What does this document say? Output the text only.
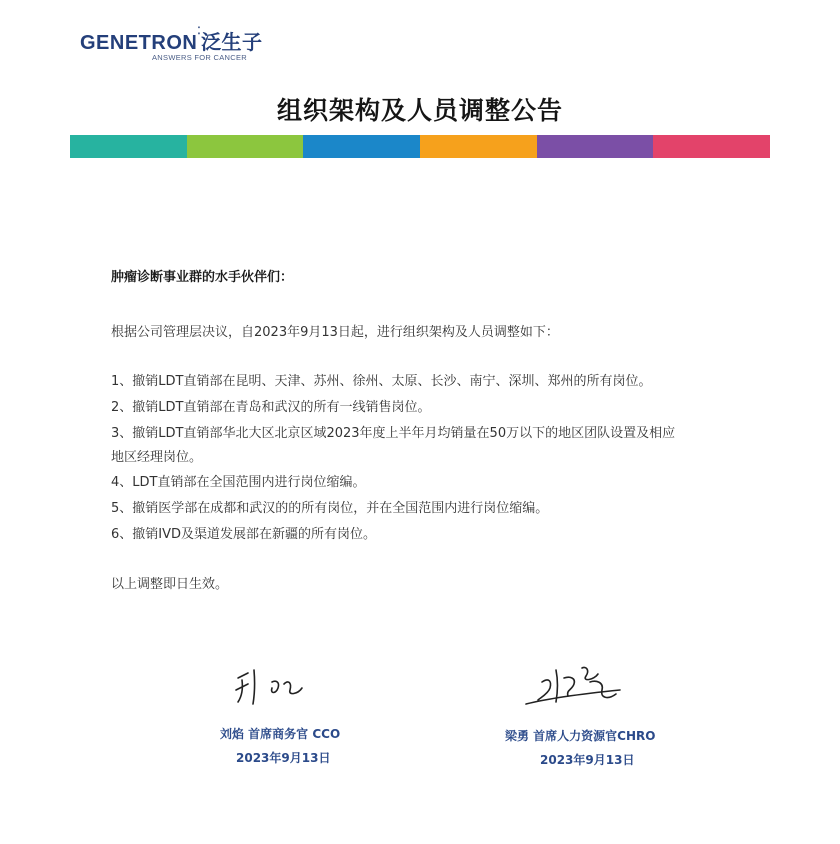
GENETRON⁚泛生子
ANSWERS FOR CANCER
组织架构及人员调整公告
肿瘤诊断事业群的水手伙伴们：
根据公司管理层决议，自2023年9月13日起，进行组织架构及人员调整如下：
1、撤销LDT直销部在昆明、天津、苏州、徐州、太原、长沙、南宁、深圳、郑州的所有岗位。
2、撤销LDT直销部在青岛和武汉的所有一线销售岗位。
3、撤销LDT直销部华北大区北京区域2023年度上半年月均销量在50万以下的地区团队设置及相应
地区经理岗位。
4、LDT直销部在全国范围内进行岗位缩编。
5、撤销医学部在成都和武汉的的所有岗位，并在全国范围内进行岗位缩编。
6、撤销IVD及渠道发展部在新疆的所有岗位。
以上调整即日生效。
刘焰 首席商务官 CCO
2023年9月13日
梁勇 首席人力资源官CHRO
2023年9月13日
